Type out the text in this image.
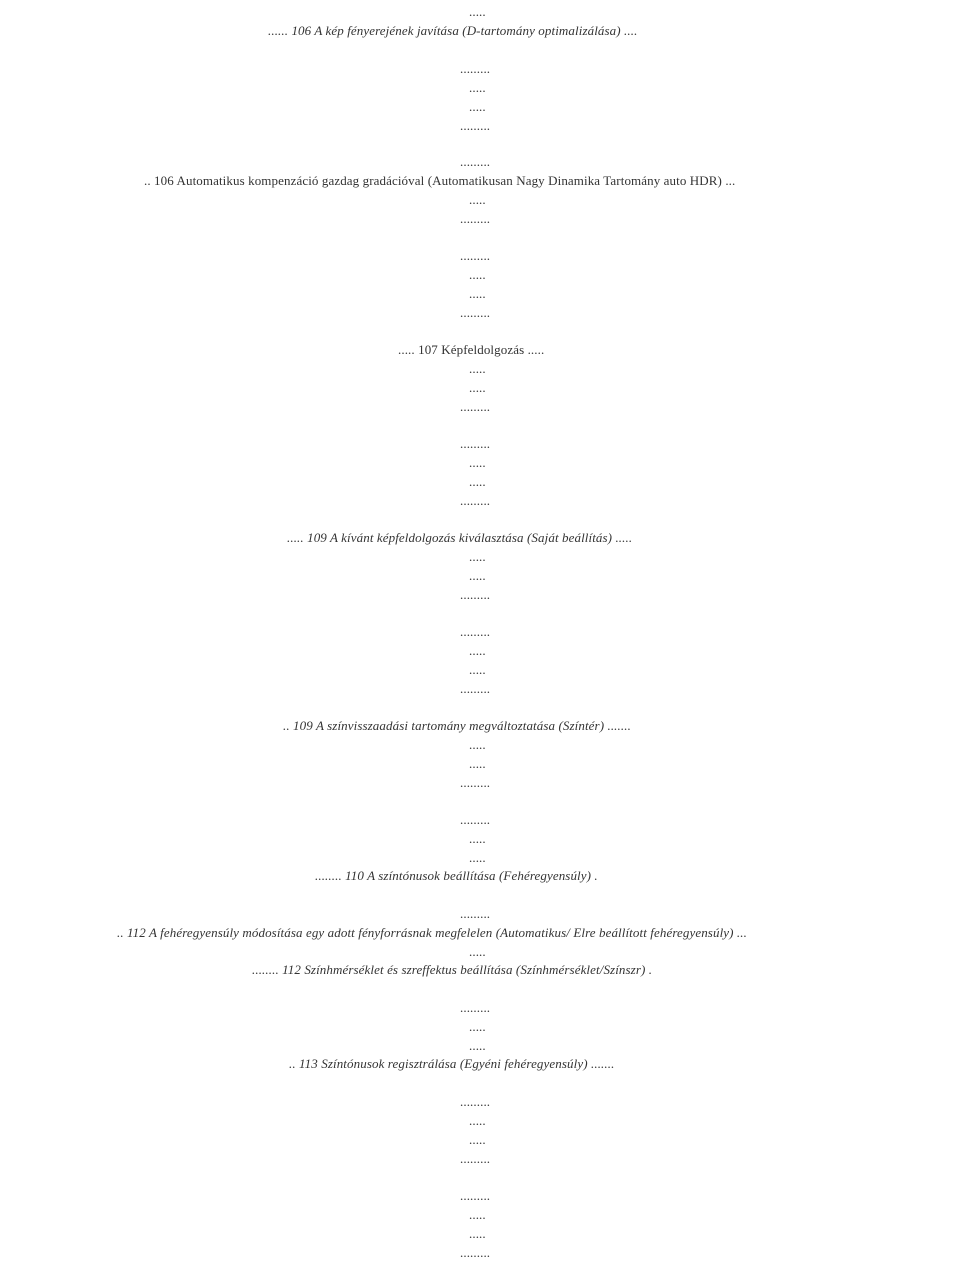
.....
...... 106 A kép fényerejének javítása (D-tartomány optimalizálása) ....
.........
.....
.....
.........
.........
.. 106 Automatikus kompenzáció gazdag gradációval (Automatikusan Nagy Dinamika Tartomány auto HDR) ...
.....
.........
.........
.....
.....
.........
..... 107 Képfeldolgozás .....
.....
.....
.........
.........
.....
.....
.........
..... 109 A kívánt képfeldolgozás kiválasztása (Saját beállítás) .....
.....
.....
.........
.........
.....
.....
.........
.. 109 A színvisszaadási tartomány megváltoztatása (Színtér) .......
.....
.....
.........
.........
.....
.....
........ 110 A színtónusok beállítása (Fehéregyensúly) .
.........
.. 112 A fehéregyensúly módosítása egy adott fényforrásnak megfelelen (Automatikus/ Elre beállított fehéregyensúly) ...
.....
........ 112 Színhmérséklet és szreffektus beállítása (Színhmérséklet/Színszr) .
.........
.....
.....
.. 113 Színtónusok regisztrálása (Egyéni fehéregyensúly) .......
.........
.....
.....
.........
.........
.....
.....
.........
